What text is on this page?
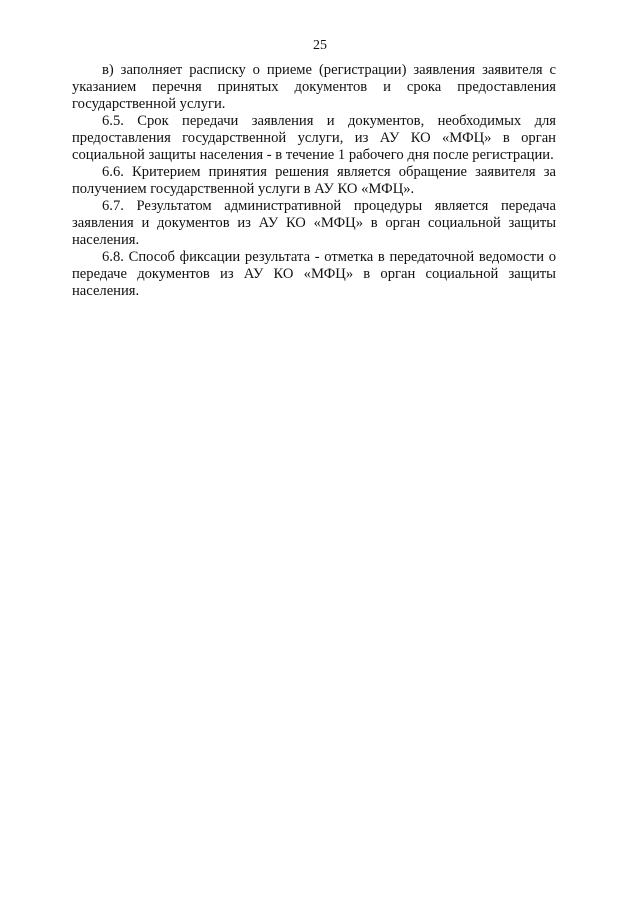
25

в) заполняет расписку о приеме (регистрации) заявления заявителя с указанием перечня принятых документов и срока предоставления государственной услуги.

6.5. Срок передачи заявления и документов, необходимых для предоставления государственной услуги, из АУ КО «МФЦ» в орган социальной защиты населения - в течение 1 рабочего дня после регистрации.

6.6. Критерием принятия решения является обращение заявителя за получением государственной услуги в АУ КО «МФЦ».

6.7. Результатом административной процедуры является передача заявления и документов из АУ КО «МФЦ» в орган социальной защиты населения.

6.8. Способ фиксации результата - отметка в передаточной ведомости о передаче документов из АУ КО «МФЦ» в орган социальной защиты населения.
